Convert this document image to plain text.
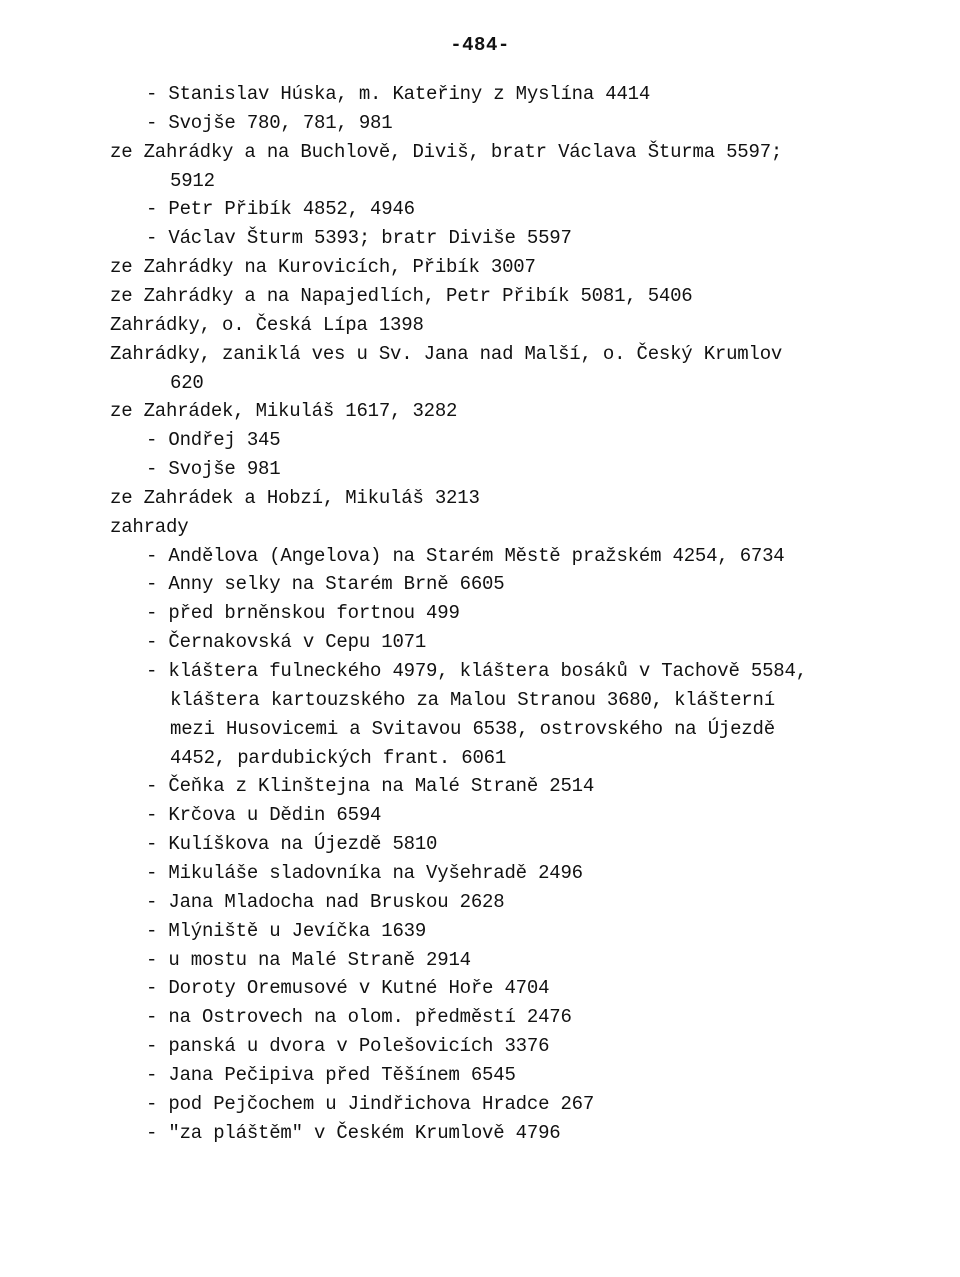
-484-
- Stanislav Húska, m. Kateřiny z Myslína 4414
- Svojše 780, 781, 981
ze Zahrádky a na Buchlově, Diviš, bratr Václava Šturma 5597;
5912
- Petr Přibík 4852, 4946
- Václav Šturm 5393; bratr Diviše 5597
ze Zahrádky na Kurovicích, Přibík 3007
ze Zahrádky a na Napajedlích, Petr Přibík 5081, 5406
Zahrádky, o. Česká Lípa 1398
Zahrádky, zaniklá ves u Sv. Jana nad Malší, o. Český Krumlov
620
ze Zahrádek, Mikuláš 1617, 3282
- Ondřej 345
- Svojše 981
ze Zahrádek a Hobzí, Mikuláš 3213
zahrady
- Andělova (Angelova) na Starém Městě pražském 4254, 6734
- Anny selky na Starém Brně 6605
- před brněnskou fortnou 499
- Černakovská v Cepu 1071
- kláštera fulneckého 4979, kláštera bosáků v Tachově 5584,
kláštera kartouzského za Malou Stranou 3680, klášterní
mezi Husovicemi a Svitavou 6538, ostrovského na Újezdě
4452, pardubických frant. 6061
- Čeňka z Klinštejna na Malé Straně 2514
- Krčova u Dědin 6594
- Kulíškova na Újezdě 5810
- Mikuláše sladovníka na Vyšehradě 2496
- Jana Mladocha nad Bruskou 2628
- Mlýniště u Jevíčka 1639
- u mostu na Malé Straně 2914
- Doroty Oremusové v Kutné Hoře 4704
- na Ostrovech na olom. předměstí 2476
- panská u dvora v Polešovicích 3376
- Jana Pečipiva před Těšínem 6545
- pod Pejčochem u Jindřichova Hradce 267
- "za pláštěm" v Českém Krumlově 4796
